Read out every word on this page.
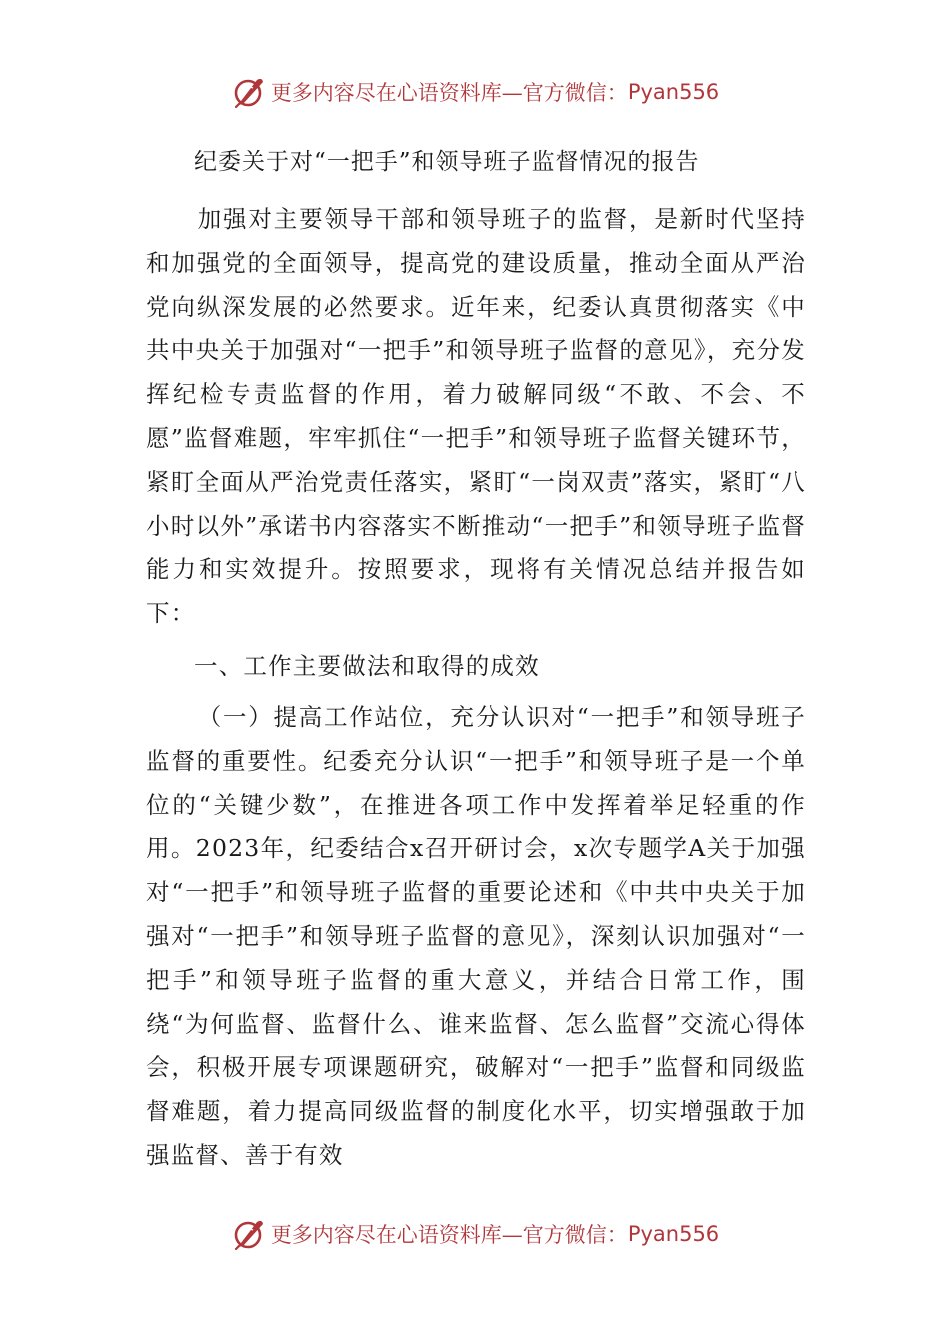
更多内容尽在心语资料库—官方微信： Pyan556
纪委关于对“一把手”和领导班子监督情况的报告

加强对主要领导干部和领导班子的监督，是新时代坚持和加强党的全面领导，提高党的建设质量，推动全面从严治党向纵深发展的必然要求。近年来，纪委认真贯彻落实《中共中央关于加强对“一把手”和领导班子监督的意见》，充分发挥纪检专责监督的作用，着力破解同级“不敢、不会、不愿”监督难题，牢牢抓住“一把手”和领导班子监督关键环节，紧盯全面从严治党责任落实，紧盯“一岗双责”落实，紧盯“八小时以外”承诺书内容落实不断推动“一把手”和领导班子监督能力和实效提升。按照要求，现将有关情况总结并报告如下：

一、工作主要做法和取得的成效

（一）提高工作站位，充分认识对“一把手”和领导班子监督的重要性。纪委充分认识“一把手”和领导班子是一个单位的“关键少数”，在推进各项工作中发挥着举足轻重的作用。2023年，纪委结合x召开研讨会，x次专题学A关于加强对“一把手”和领导班子监督的重要论述和《中共中央关于加强对“一把手”和领导班子监督的意见》，深刻认识加强对“一把手”和领导班子监督的重大意义，并结合日常工作，围绕“为何监督、监督什么、谁来监督、怎么监督”交流心得体会，积极开展专项课题研究，破解对“一把手”监督和同级监督难题，着力提高同级监督的制度化水平，切实增强敢于加强监督、善于有效

更多内容尽在心语资料库—官方微信： Pyan556
